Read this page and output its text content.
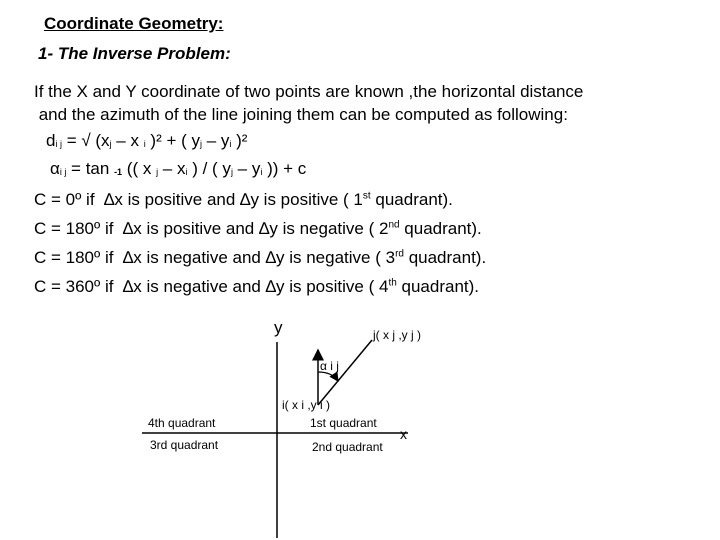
Coordinate Geometry:
1- The Inverse Problem:
If the X and Y coordinate of two points are known ,the horizontal distance
and the azimuth of the line joining them can be computed as following:
$d_{i j}$ = √ ($x_j$ – x $_i$ )² + ( $y_j - y_i$ )²
$\alpha_{i j} = \tan _{-1}$ (( x $_j - x_i$ ) / ( $y_j - y_i$ )) + c
C = 0º if  ∆x is positive and ∆y is positive ( 1st quadrant).
C = 180º if  ∆x is positive and ∆y is negative ( 2nd quadrant).
C = 180º if  ∆x is negative and ∆y is negative ( 3rd quadrant).
C = 360º if  ∆x is negative and ∆y is positive ( 4th quadrant).
y	j( x j ,y j )
α i j
i( x i ,y i )
4th quadrant
3rd quadrant
1st quadrant
2nd quadrant
x
